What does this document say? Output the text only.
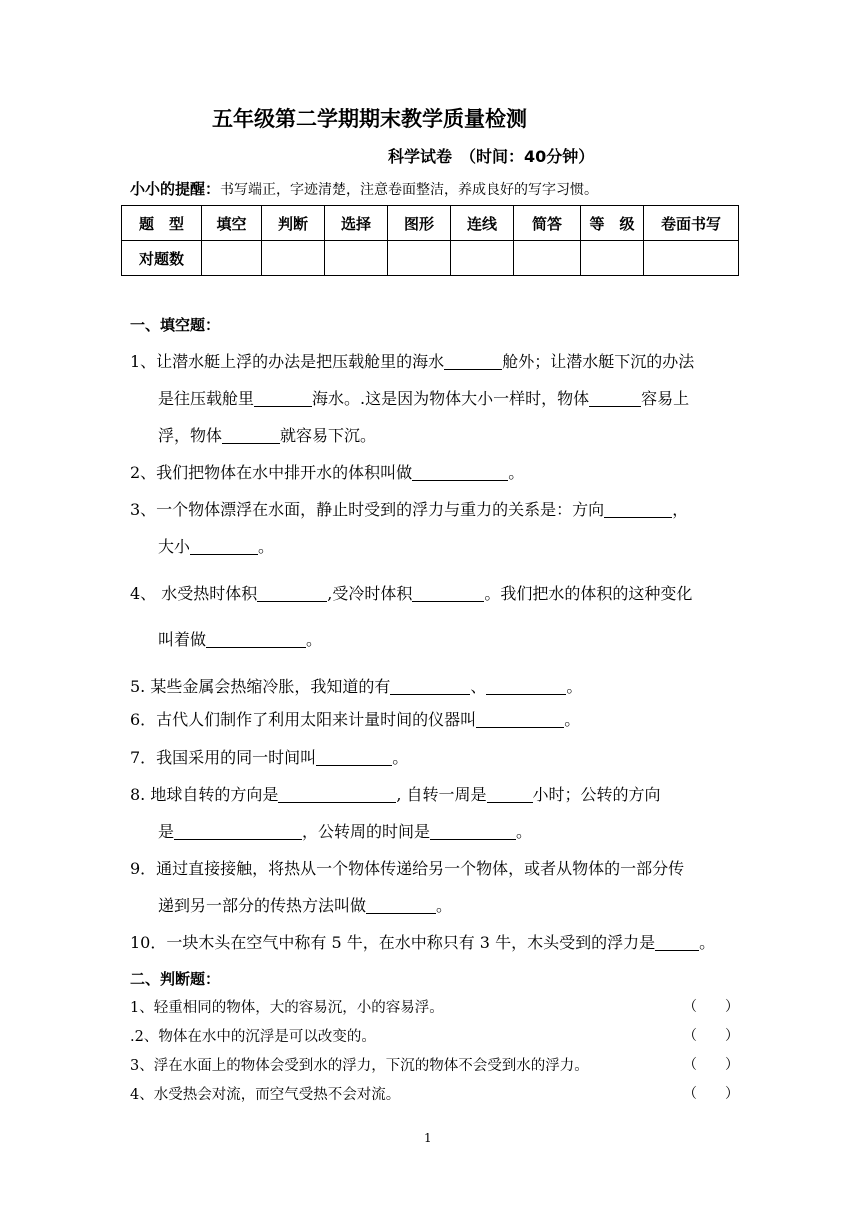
五年级第二学期期末教学质量检测
科学试卷　（时间：40分钟）
小小的提醒：书写端正，字迹清楚，注意卷面整洁，养成良好的写字习惯。
题　型	填空	判断	选择	图形	连线	简答	等　级	卷面书写
对题数								
一、填空题：
1、让潜水艇上浮的办法是把压载舱里的海水	舱外；让潜水艇下沉的办法
是往压载舱里	海水。.这是因为物体大小一样时，物体	容易上
浮，物体	就容易下沉。
2、我们把物体在水中排开水的体积叫做	。
3、一个物体漂浮在水面，静止时受到的浮力与重力的关系是：方向	，
大小	。
4、 水受热时体积	,受冷时体积	。我们把水的体积的这种变化
叫着做	。
5. 某些金属会热缩冷胀，我知道的有	、	。
6．古代人们制作了利用太阳来计量时间的仪器叫	。
7．我国采用的同一时间叫	。
8. 地球自转的方向是	, 自转一周是	小时；公转的方向
是	，公转周的时间是	。
9．通过直接接触，将热从一个物体传递给另一个物体，或者从物体的一部分传
递到另一部分的传热方法叫做	。
10．一块木头在空气中称有 5 牛，在水中称只有 3 牛，木头受到的浮力是	。
二、判断题：
1、轻重相同的物体，大的容易沉，小的容易浮。	（　　）
.2、物体在水中的沉浮是可以改变的。	（　　）
3、浮在水面上的物体会受到水的浮力，下沉的物体不会受到水的浮力。	（　　）
4、水受热会对流，而空气受热不会对流。	（　　）
1
